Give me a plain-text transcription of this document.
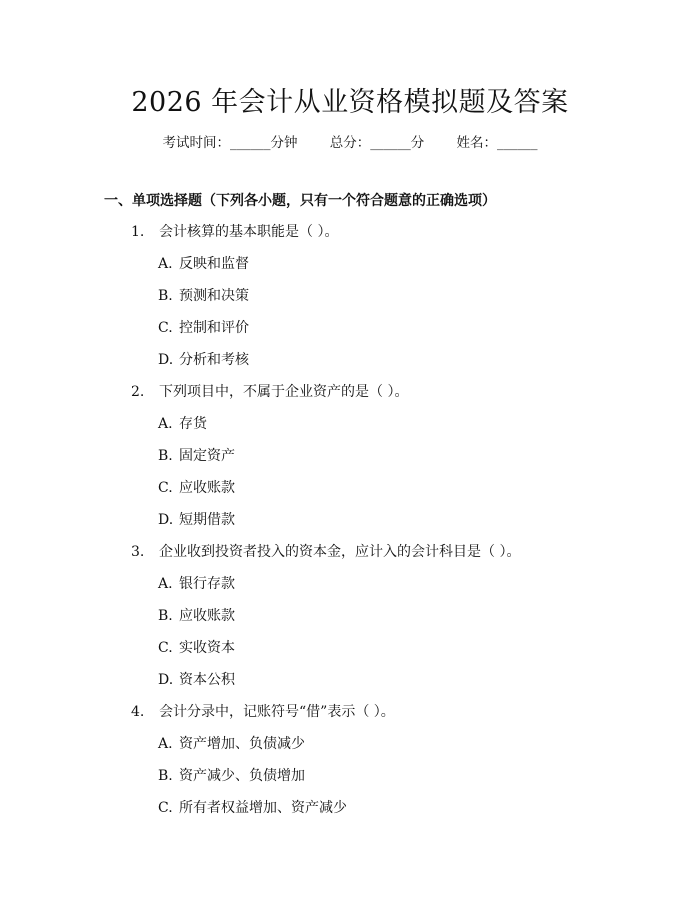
2026 年会计从业资格模拟题及答案
考试时间：______分钟 总分：______分 姓名：______
一、单项选择题（下列各小题，只有一个符合题意的正确选项）
1. 会计核算的基本职能是（ ）。
A. 反映和监督
B. 预测和决策
C. 控制和评价
D. 分析和考核
2. 下列项目中，不属于企业资产的是（ ）。
A. 存货
B. 固定资产
C. 应收账款
D. 短期借款
3. 企业收到投资者投入的资本金，应计入的会计科目是（ ）。
A. 银行存款
B. 应收账款
C. 实收资本
D. 资本公积
4. 会计分录中，记账符号“借”表示（ ）。
A. 资产增加、负债减少
B. 资产减少、负债增加
C. 所有者权益增加、资产减少
